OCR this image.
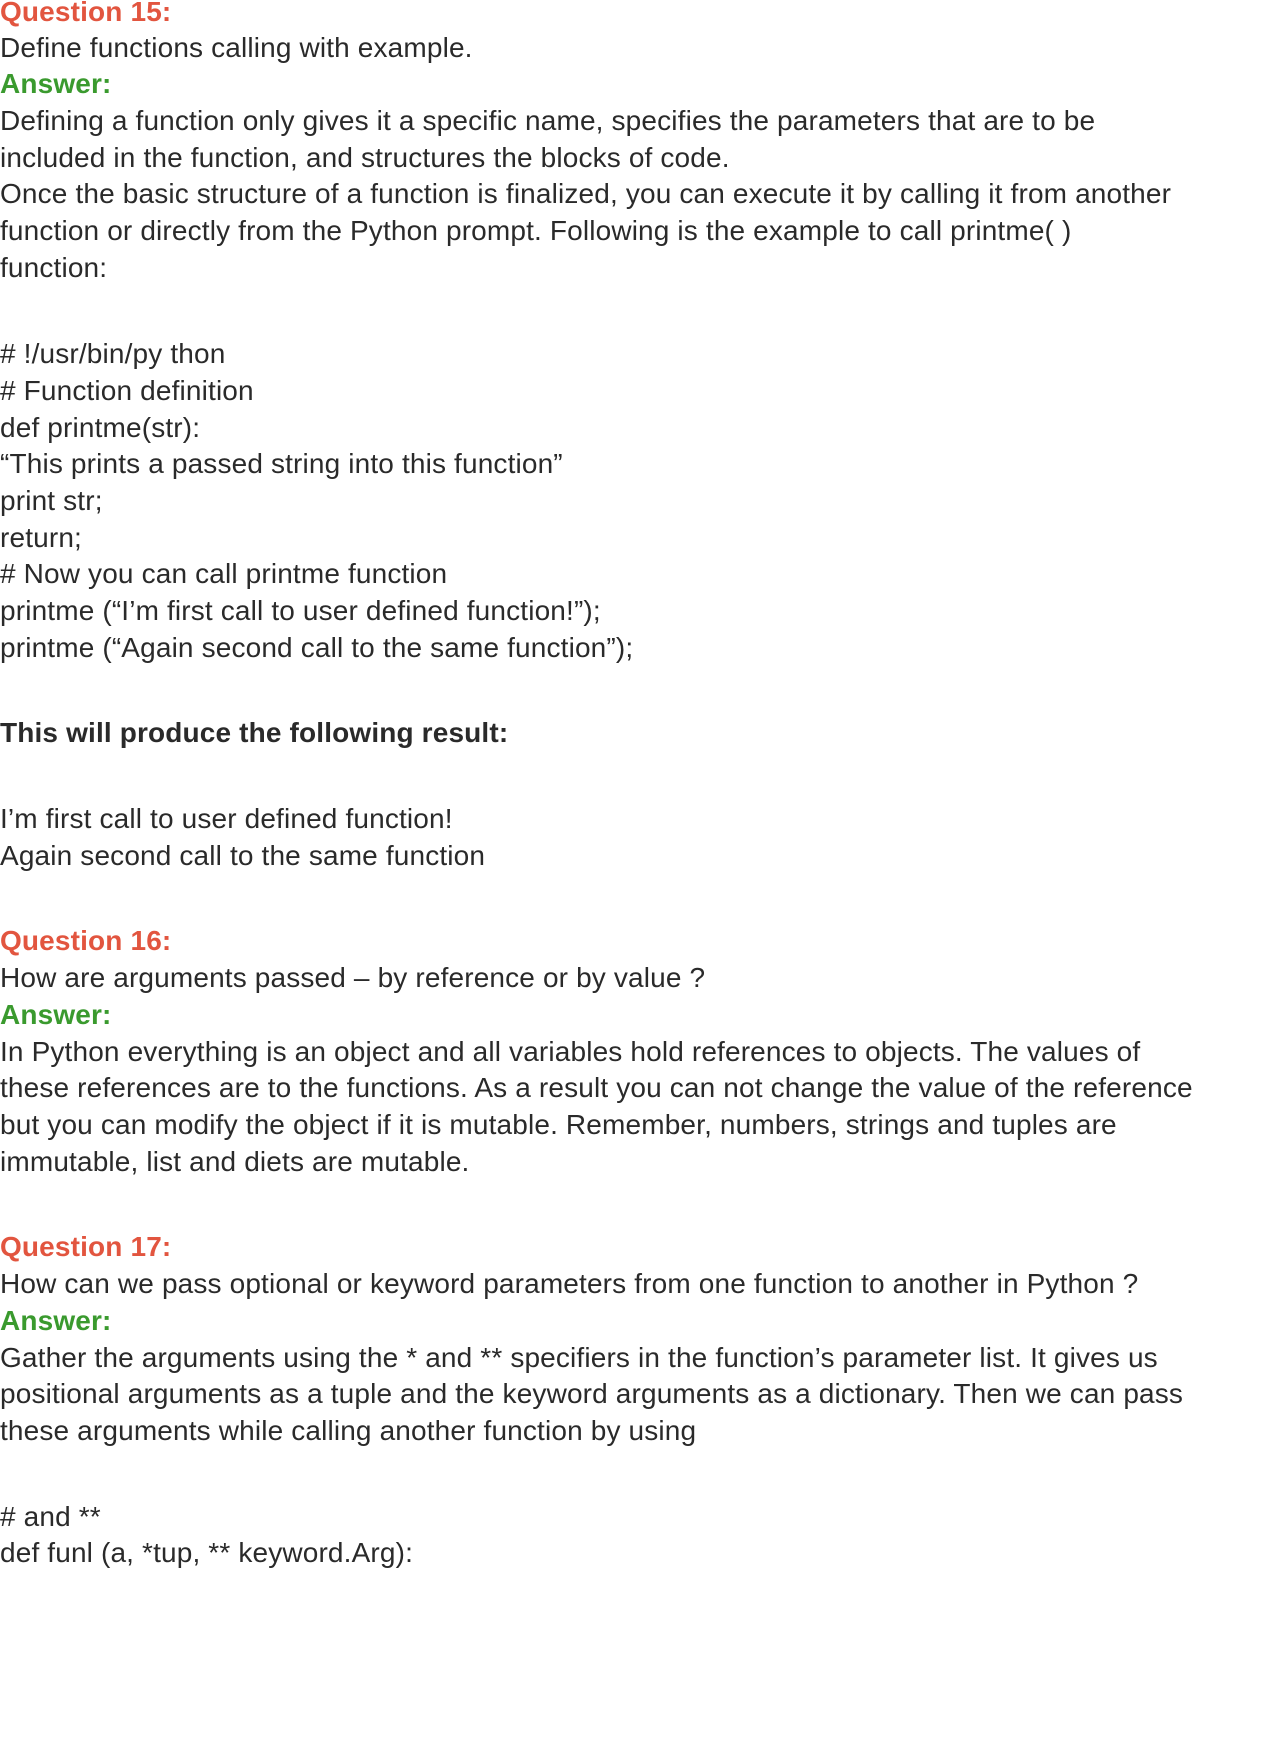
Question 15:
Define functions calling with example.
Answer:
Defining a function only gives it a specific name, specifies the parameters that are to be
included in the function, and structures the blocks of code.
Once the basic structure of a function is finalized, you can execute it by calling it from another
function or directly from the Python prompt. Following is the example to call printme( )
function:
# !/usr/bin/py thon
# Function definition
def printme(str):
“This prints a passed string into this function”
print str;
return;
# Now you can call printme function
printme (“I’m first call to user defined function!”);
printme (“Again second call to the same function”);
This will produce the following result:
I’m first call to user defined function!
Again second call to the same function
Question 16:
How are arguments passed – by reference or by value ?
Answer:
In Python everything is an object and all variables hold references to objects. The values of
these references are to the functions. As a result you can not change the value of the reference
but you can modify the object if it is mutable. Remember, numbers, strings and tuples are
immutable, list and diets are mutable.
Question 17:
How can we pass optional or keyword parameters from one function to another in Python ?
Answer:
Gather the arguments using the * and ** specifiers in the function’s parameter list. It gives us
positional arguments as a tuple and the keyword arguments as a dictionary. Then we can pass
these arguments while calling another function by using
# and **
def funl (a, *tup, ** keyword.Arg):
